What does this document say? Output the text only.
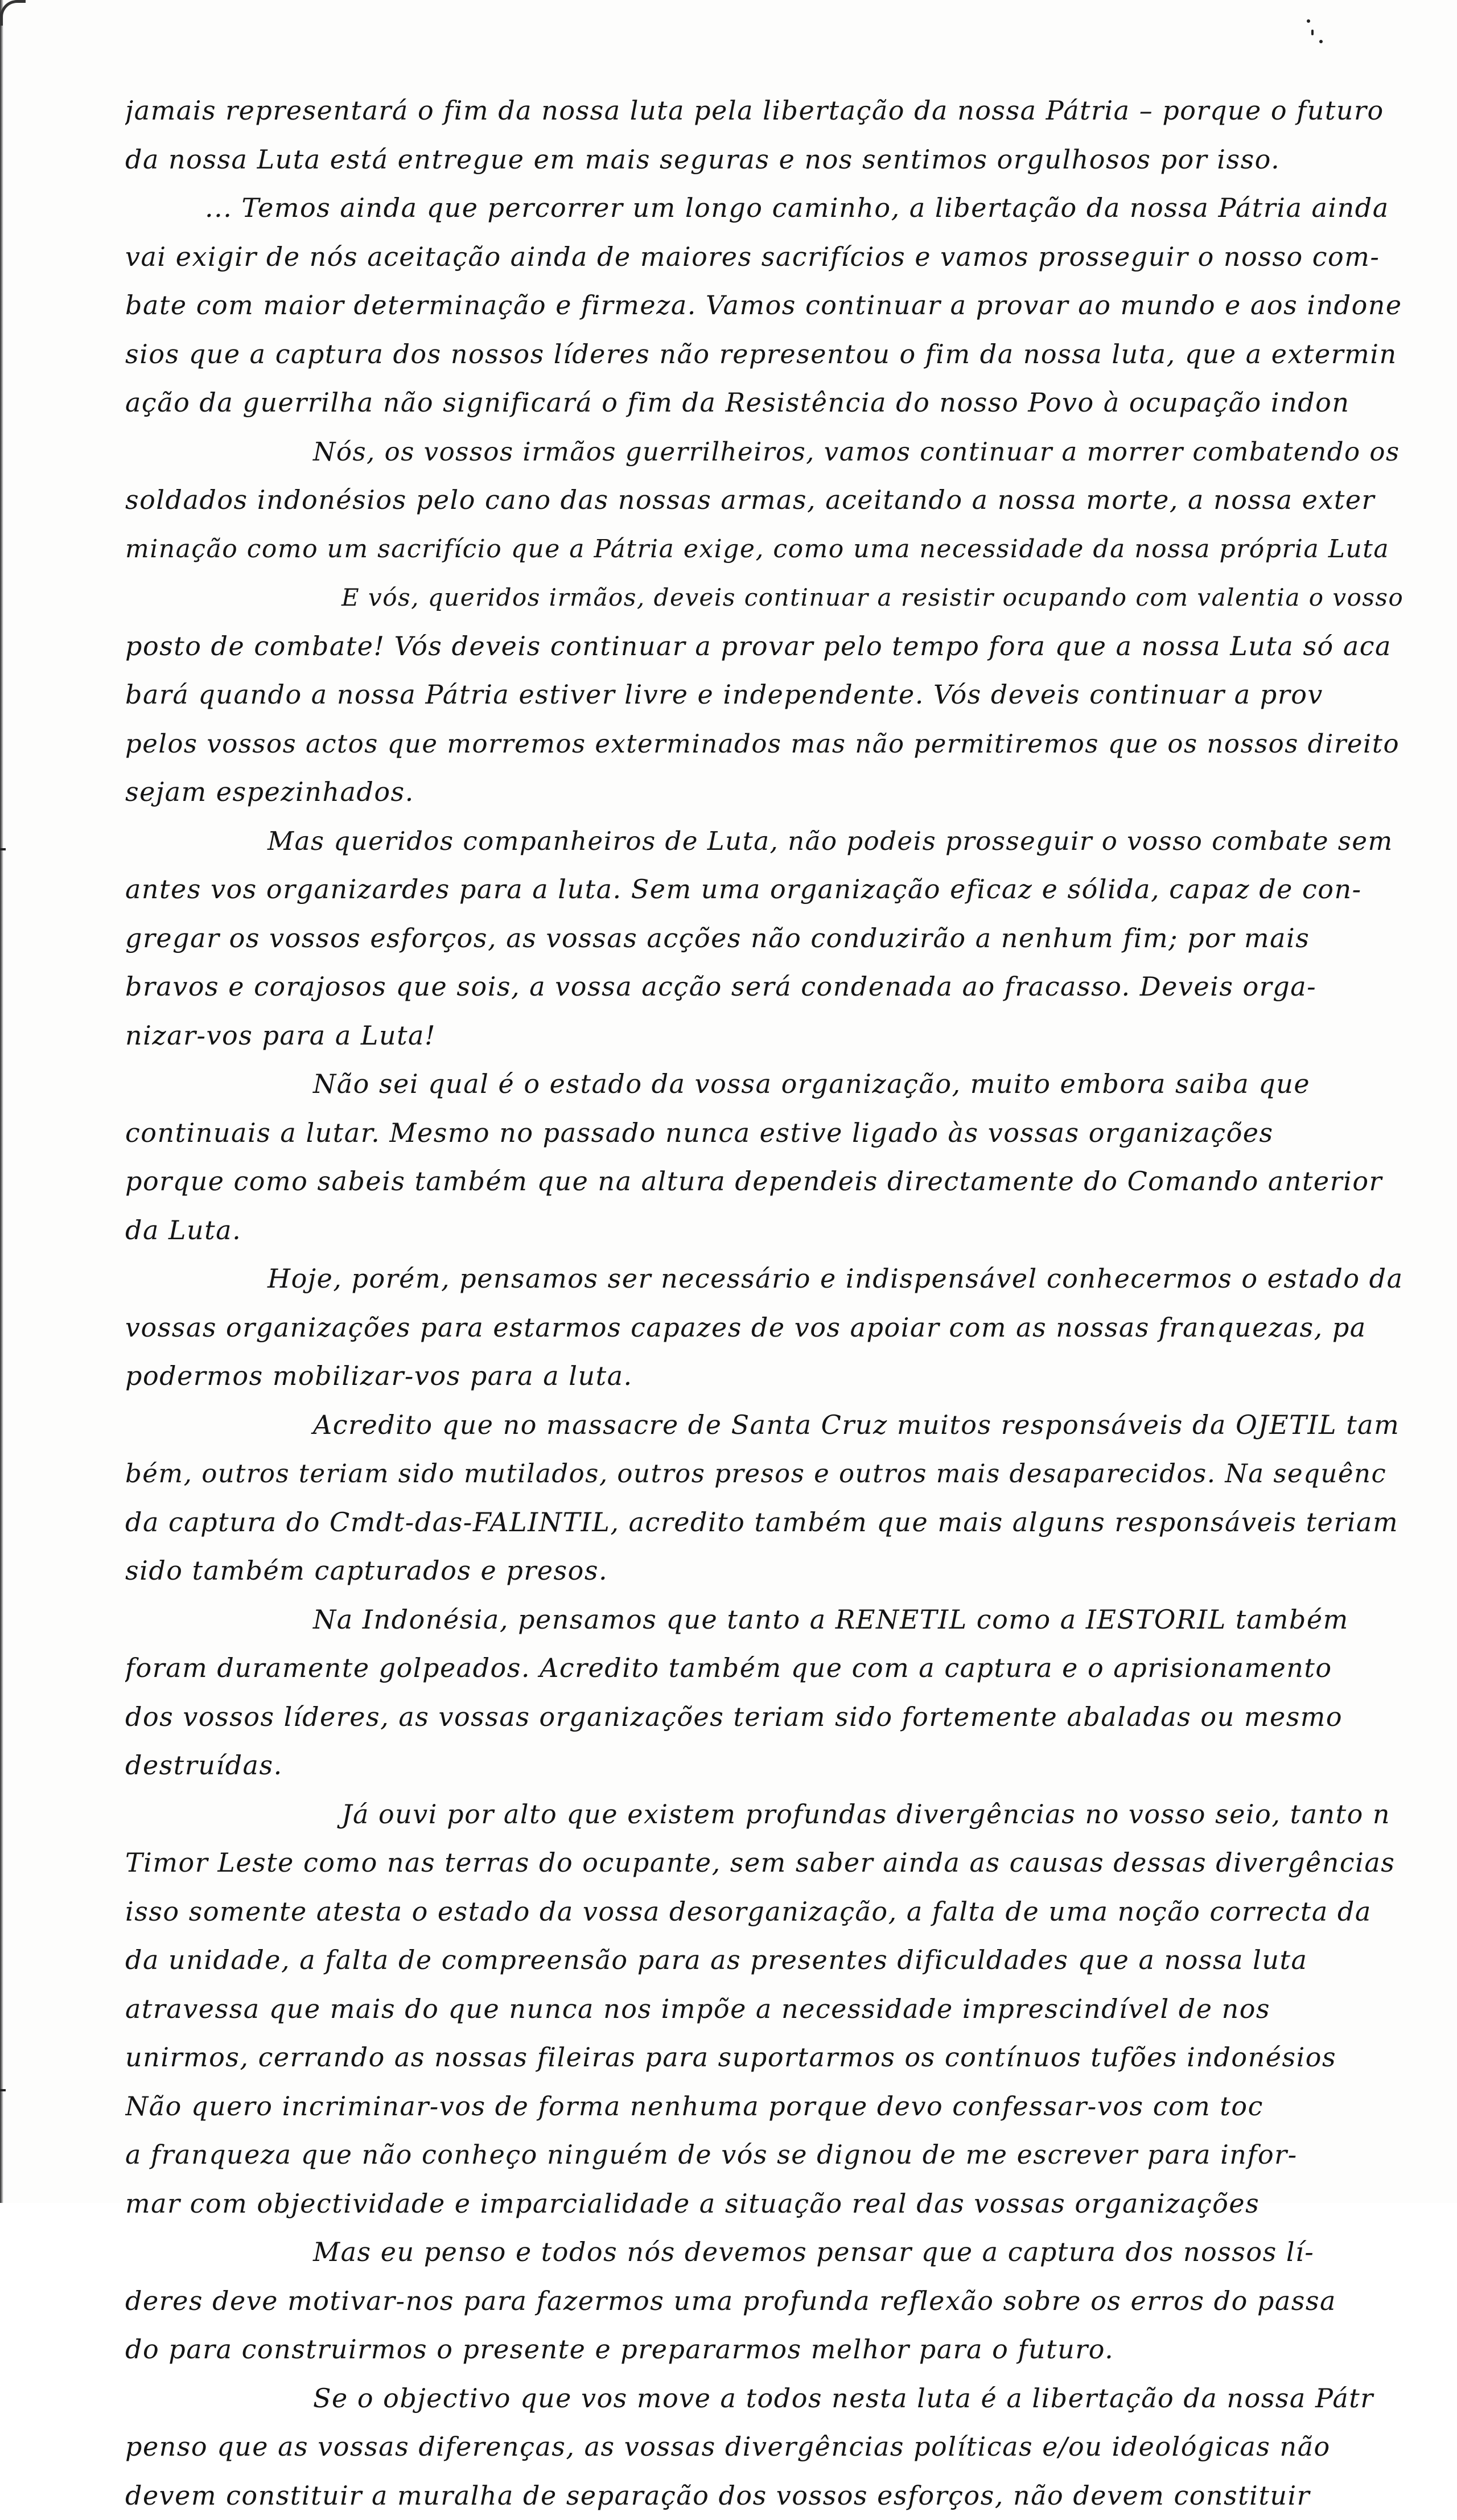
jamais representará o fim da nossa luta pela libertação da nossa Pátria – porque o futuro
da nossa Luta está entregue em mais seguras e nos sentimos orgulhosos por isso.
... Temos ainda que percorrer um longo caminho, a libertação da nossa Pátria ainda
vai exigir de nós aceitação ainda de maiores sacrifícios e vamos prosseguir o nosso com-
bate com maior determinação e firmeza. Vamos continuar a provar ao mundo e aos indone
sios que a captura dos nossos líderes não representou o fim da nossa luta, que a extermin
ação da guerrilha não significará o fim da Resistência do nosso Povo à ocupação indon
Nós, os vossos irmãos guerrilheiros, vamos continuar a morrer combatendo os
soldados indonésios pelo cano das nossas armas, aceitando a nossa morte, a nossa exter
minação como um sacrifício que a Pátria exige, como uma necessidade da nossa própria Luta
E vós, queridos irmãos, deveis continuar a resistir ocupando com valentia o vosso
posto de combate! Vós deveis continuar a provar pelo tempo fora que a nossa Luta só aca
bará quando a nossa Pátria estiver livre e independente. Vós deveis continuar a prov
pelos vossos actos que morremos exterminados mas não permitiremos que os nossos direito
sejam espezinhados.
Mas queridos companheiros de Luta, não podeis prosseguir o vosso combate sem
antes vos organizardes para a luta. Sem uma organização eficaz e sólida, capaz de con-
gregar os vossos esforços, as vossas acções não conduzirão a nenhum fim; por mais
bravos e corajosos que sois, a vossa acção será condenada ao fracasso. Deveis orga-
nizar-vos para a Luta!
Não sei qual é o estado da vossa organização, muito embora saiba que
continuais a lutar. Mesmo no passado nunca estive ligado às vossas organizações
porque como sabeis também que na altura dependeis directamente do Comando anterior
da Luta.
Hoje, porém, pensamos ser necessário e indispensável conhecermos o estado da
vossas organizações para estarmos capazes de vos apoiar com as nossas franquezas, pa
podermos mobilizar-vos para a luta.
Acredito que no massacre de Santa Cruz muitos responsáveis da OJETIL tam
bém, outros teriam sido mutilados, outros presos e outros mais desaparecidos. Na sequênc
da captura do Cmdt-das-FALINTIL, acredito também que mais alguns responsáveis teriam
sido também capturados e presos.
Na Indonésia, pensamos que tanto a RENETIL como a IESTORIL também
foram duramente golpeados. Acredito também que com a captura e o aprisionamento
dos vossos líderes, as vossas organizações teriam sido fortemente abaladas ou mesmo
destruídas.
Já ouvi por alto que existem profundas divergências no vosso seio, tanto n
Timor Leste como nas terras do ocupante, sem saber ainda as causas dessas divergências
isso somente atesta o estado da vossa desorganização, a falta de uma noção correcta da
da unidade, a falta de compreensão para as presentes dificuldades que a nossa luta
atravessa que mais do que nunca nos impõe a necessidade imprescindível de nos
unirmos, cerrando as nossas fileiras para suportarmos os contínuos tufões indonésios
Não quero incriminar-vos de forma nenhuma porque devo confessar-vos com toc
a franqueza que não conheço ninguém de vós se dignou de me escrever para infor-
mar com objectividade e imparcialidade a situação real das vossas organizações
Mas eu penso e todos nós devemos pensar que a captura dos nossos lí-
deres deve motivar-nos para fazermos uma profunda reflexão sobre os erros do passa
do para construirmos o presente e prepararmos melhor para o futuro.
Se o objectivo que vos move a todos nesta luta é a libertação da nossa Pátr
penso que as vossas diferenças, as vossas divergências políticas e/ou ideológicas não
devem constituir a muralha de separação dos vossos esforços, não devem constituir
